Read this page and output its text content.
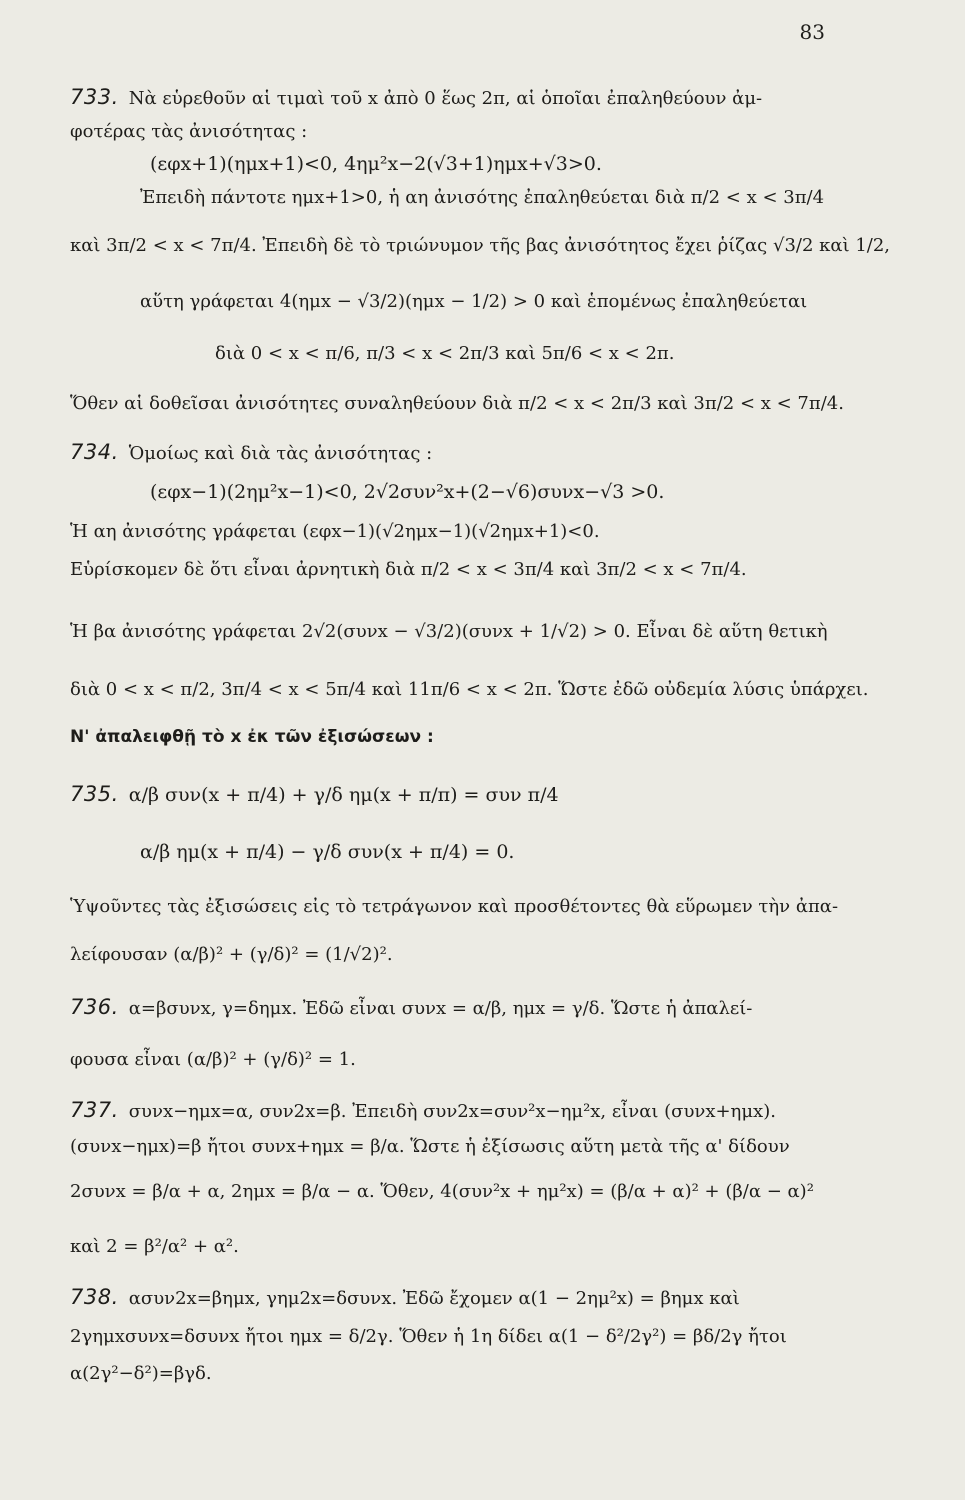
83
733. Νὰ εὑρεθοῦν αἱ τιμαὶ τοῦ x ἀπὸ 0 ἕως 2π, αἱ ὁποῖαι ἐπαληθεύουν ἀμ-
φοτέρας τὰς ἀνισότητας :
(εφx+1)(ημx+1)<0, 4ημ²x−2(√3+1)ημx+√3>0.
Ἐπειδὴ πάντοτε ημx+1>0, ἡ αη ἀνισότης ἐπαληθεύεται διὰ π/2 < x < 3π/4
καὶ 3π/2 < x < 7π/4. Ἐπειδὴ δὲ τὸ τριώνυμον τῆς βας ἀνισότητος ἔχει ῥίζας √3/2 καὶ 1/2,
αὕτη γράφεται 4(ημx − √3/2)(ημx − 1/2) > 0 καὶ ἑπομένως ἐπαληθεύεται
διὰ 0 < x < π/6, π/3 < x < 2π/3 καὶ 5π/6 < x < 2π.
Ὅθεν αἱ δοθεῖσαι ἀνισότητες συναληθεύουν διὰ π/2 < x < 2π/3 καὶ 3π/2 < x < 7π/4.
734. Ὁμοίως καὶ διὰ τὰς ἀνισότητας :
(εφx−1)(2ημ²x−1)<0, 2√2συν²x+(2−√6)συνx−√3 >0.
Ἡ αη ἀνισότης γράφεται (εφx−1)(√2ημx−1)(√2ημx+1)<0.
Εὑρίσκομεν δὲ ὅτι εἶναι ἀρνητικὴ διὰ π/2 < x < 3π/4 καὶ 3π/2 < x < 7π/4.
Ἡ βα ἀνισότης γράφεται 2√2(συνx − √3/2)(συνx + 1/√2) > 0. Εἶναι δὲ αὕτη θετικὴ
διὰ 0 < x < π/2, 3π/4 < x < 5π/4 καὶ 11π/6 < x < 2π. Ὥστε ἐδῶ οὐδεμία λύσις ὑπάρχει.
Ν' ἀπαλειφθῇ τὸ x ἐκ τῶν ἐξισώσεων :
735. α/β συν(x + π/4) + γ/δ ημ(x + π/π) = συν π/4
α/β ημ(x + π/4) − γ/δ συν(x + π/4) = 0.
Ὑψοῦντες τὰς ἐξισώσεις εἰς τὸ τετράγωνον καὶ προσθέτοντες θὰ εὕρωμεν τὴν ἀπα-
λείφουσαν (α/β)² + (γ/δ)² = (1/√2)².
736. α=βσυνx, γ=δημx. Ἐδῶ εἶναι συνx = α/β, ημx = γ/δ. Ὥστε ἡ ἀπαλεί-
φουσα εἶναι (α/β)² + (γ/δ)² = 1.
737. συνx−ημx=α, συν2x=β. Ἐπειδὴ συν2x=συν²x−ημ²x, εἶναι (συνx+ημx).
(συνx−ημx)=β ἤτοι συνx+ημx = β/α. Ὥστε ἡ ἐξίσωσις αὕτη μετὰ τῆς α' δίδουν
2συνx = β/α + α, 2ημx = β/α − α. Ὅθεν, 4(συν²x + ημ²x) = (β/α + α)² + (β/α − α)²
καὶ 2 = β²/α² + α².
738. ασυν2x=βημx, γημ2x=δσυνx. Ἐδῶ ἔχομεν α(1 − 2ημ²x) = βημx καὶ
2γημxσυνx=δσυνx ἤτοι ημx = δ/2γ. Ὅθεν ἡ 1η δίδει α(1 − δ²/2γ²) = βδ/2γ ἤτοι
α(2γ²−δ²)=βγδ.
